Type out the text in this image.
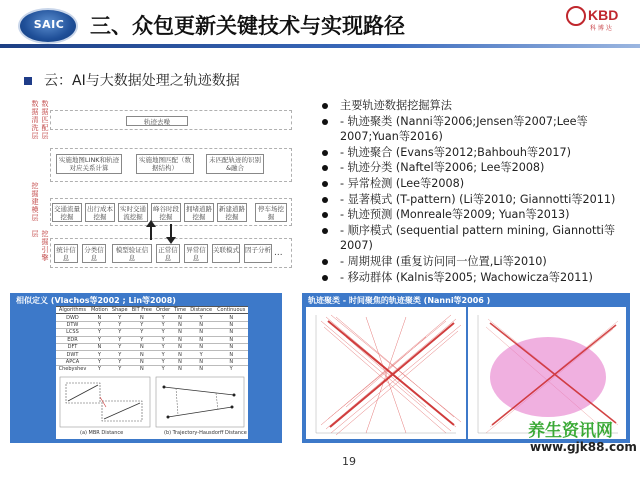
SAIC	三、众包更新关键技术与实现路径	KBD
科 博 达
云：AI与大数据处理之轨迹数据
数据清洗层 数据匹配层
挖掘建模层
挖掘引擎层
轨迹去噪
实施地图LINK和轨迹对应关系计算
实施地图匹配（数据结构）
未匹配轨迹的识别&融合
交通流量挖掘
出行成本挖掘
实时交通流挖掘
峰谷时段挖掘
拥堵道路挖掘
新建道路挖掘
停车场挖掘
统计信息
分类信息
模型验证信息
正常信息
异常信息
关联模式 因子分析 ...
主要轨迹数据挖掘算法
- 轨迹聚类 (Nanni等2006;Jensen等2007;Lee等2007;Yuan等2016)
- 轨迹聚合 (Evans等2012;Bahbouh等2017)
- 轨迹分类 (Naftel等2006; Lee等2008)
- 异常检测 (Lee等2008)
- 显著模式 (T-pattern) (Li等2010; Giannotti等2011)
- 轨迹预测 (Monreale等2009; Yuan等2013)
- 顺序模式 (sequential pattern mining, Giannotti等2007)
- 周期规律 (重复访问同一位置,Li等2010)
- 移动群体 (Kalnis等2005; Wachowicza等2011)
相似定义 (Vlachos等2002 ; Lin等2008)
Algorithms	Motion	Shape	BIT Free	Order	Time	Distance	Continuous
DWD	N	Y	N	Y	N	Y	N
DTW	Y	Y	Y	Y	N	N	N
LCSS	Y	Y	Y	Y	N	N	N
EDR	Y	Y	Y	Y	N	N	N
DFT	N	Y	N	Y	N	N	N
DWT	Y	Y	N	Y	N	Y	N
APCA	Y	Y	N	Y	N	N	N
Chebyshev	Y	Y	N	Y	N	N	Y
(a) MBR Distance	(b) Trajectory-Hausdorff Distance
轨迹聚类 - 时间聚焦的轨迹聚类 (Nanni等2006 )
19
养生资讯网
www.gjk88.com
